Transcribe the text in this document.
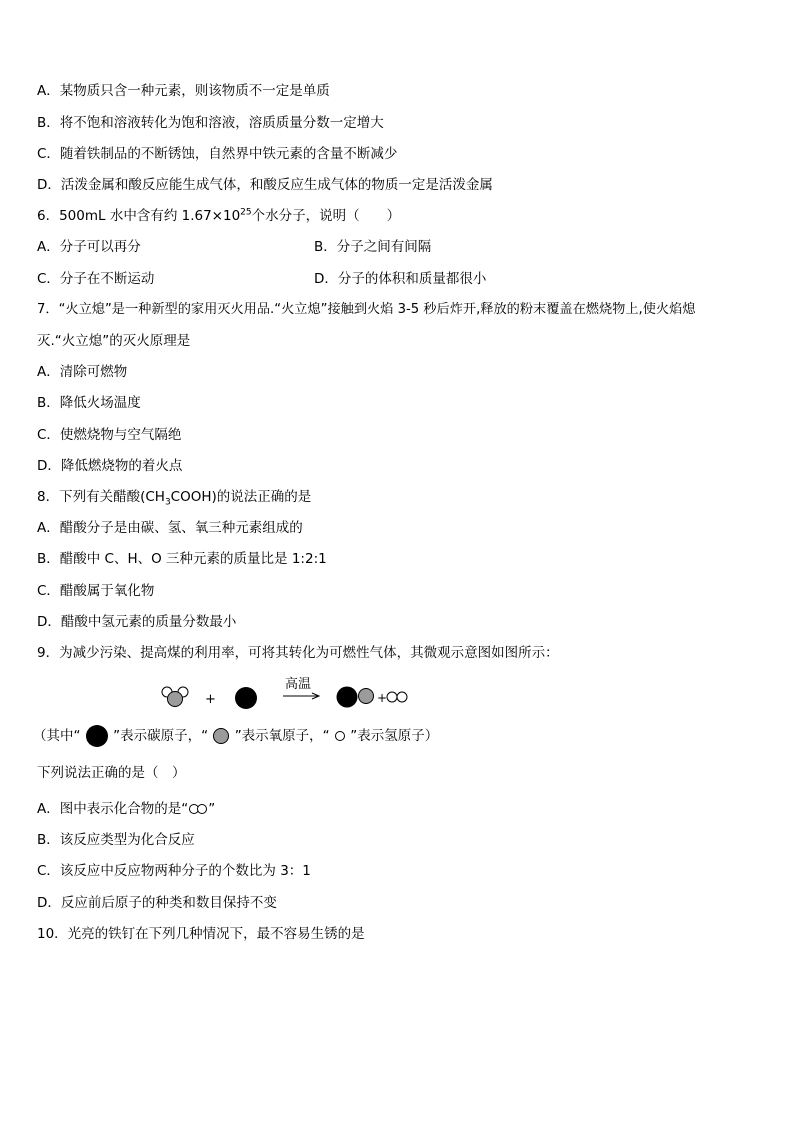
A．某物质只含一种元素，则该物质不一定是单质
B．将不饱和溶液转化为饱和溶液，溶质质量分数一定增大
C．随着铁制品的不断锈蚀，自然界中铁元素的含量不断减少
D．活泼金属和酸反应能生成气体，和酸反应生成气体的物质一定是活泼金属
6．500mL 水中含有约 $1.67\times 10^{25}$个水分子，说明（　　）
A．分子可以再分	B．分子之间有间隔
C．分子在不断运动	D．分子的体积和质量都很小
7．“火立熄”是一种新型的家用灭火用品.“火立熄”接触到火焰 3-5 秒后炸开,释放的粉末覆盖在燃烧物上,使火焰熄
灭.“火立熄”的灭火原理是
A．清除可燃物
B．降低火场温度
C．使燃烧物与空气隔绝
D．降低燃烧物的着火点
8．下列有关醋酸$(CH_3COOH)$的说法正确的是
A．醋酸分子是由碳、氢、氧三种元素组成的
B．醋酸中 C、H、O 三种元素的质量比是 1:2:1
C．醋酸属于氧化物
D．醋酸中氢元素的质量分数最小
9．为减少污染、提高煤的利用率，可将其转化为可燃性气体，其微观示意图如图所示：
+
高温
+
（其中“ ”表示碳原子，“ ”表示氧原子，“ ”表示氢原子）
下列说法正确的是（　）
A．图中表示化合物的是“ ”
B．该反应类型为化合反应
C．该反应中反应物两种分子的个数比为 3：1
D．反应前后原子的种类和数目保持不变
10．光亮的铁钉在下列几种情况下，最不容易生锈的是
